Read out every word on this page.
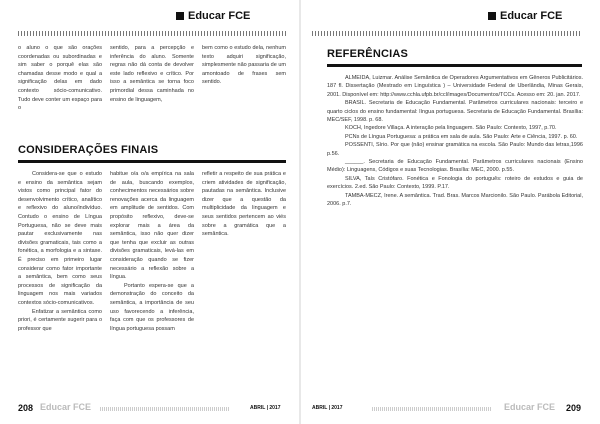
Educar FCE

o aluno o que são orações coordenadas ou subordinadas e sim saber o porquê elas são chamadas desse modo e qual a significação delas em dado contexto sócio-comunicativo. Tudo deve conter um espaço para o

sentido, para a percepção e inferência do aluno. Somente regras não dá conta de devolver este lado reflexivo e crítico. Por isso a semântica se torna foco primordial dessa caminhada no ensino de linguagem,

bem como o estudo dela, nenhum texto adquiri significação, simplesmente não passaria de um amontoado de frases sem sentido.

CONSIDERAÇÕES FINAIS

Considera-se que o estudo e ensino da semântica sejam vistos como principal fator do desenvolvimento crítico, analítico e reflexivo do aluno/indivíduo. Contudo o ensino de Língua Portuguesa, não se deve mais pautar exclusivamente nas divisões gramaticais, tais como a fonética, a morfologia e a sintaxe. É preciso em primeiro lugar considerar como fator importante a semântica, bem como seus processos de significação da linguagem nos mais variados contextos sócio-comunicativos.

Enfatizar a semântica como priori, é certamente sugerir para o professor que

habitue o/a o/a empírica na sala de aula, buscando exemplos, conhecimentos necessários sobre renovações acerca da linguagem em amplitude de sentidos. Com propósito reflexivo, deve-se explorar mais a área da semântica, isso não quer dizer que tenha que excluir as outras divisões gramaticais, levá-las em consideração quando se fizer necessário a reflexão sobre a língua.

Portanto espera-se que a demonstração do conceito da semântica, a importância de seu uso favorecendo a inferência, faça com que os professores de língua portuguesa possam

refletir a respeito de sua prática e criem atividades de significação, pautadas na semântica. Inclusive dizer que a questão da multiplicidade da linguagem e seus sentidos pertencem ao viés sobre a gramática que a semântica.

208 Educar FCE	ABRIL | 2017
Educar FCE
REFERÊNCIAS

ALMEIDA, Luizmar. Análise Semântica de Operadores Argumentativos em Gêneros Publicitários. 187 fl. Dissertação (Mestrado em Linguística ) – Universidade Federal de Uberlândia, Minas Gerais, 2001. Disponível em: http://www.cchla.ufpb.br/ccl/images/Documentos/TCCs. Acesso em: 20. jan. 2017.

BRASIL. Secretaria de Educação Fundamental. Parâmetros curriculares nacionais: terceiro e quarto ciclos do ensino fundamental: língua portuguesa. Secretaria de Educação Fundamental. Brasília: MEC/SEF, 1998. p. 68.

KOCH, Ingedore Villaça. A interação pela linguagem. São Paulo: Contexto, 1997, p.70.

PCNs de Língua Portuguesa: a prática em sala de aula. São Paulo: Arte e Ciência, 1997. p. 60.

POSSENTI, Sírio. Por que (não) ensinar gramática na escola. São Paulo: Mundo das letras,1996 p.56.

______. Secretaria de Educação Fundamental. Parâmetros curriculares nacionais (Ensino Médio): Linguagens, Códigos e suas Tecnologias. Brasília: MEC, 2000. p.55.

SILVA, Taís Cristófaro. Fonética e Fonologia do português: roteiro de estudos e guia de exercícios. 2.ed. São Paulo: Contexto, 1999. P.17.

TAMBA-MECZ, Irene. A semântica. Trad. Bras. Marcos Marcionilo. São Paulo. Parábola Editorial, 2006. p.7.

ABRIL | 2017	Educar FCE 209
